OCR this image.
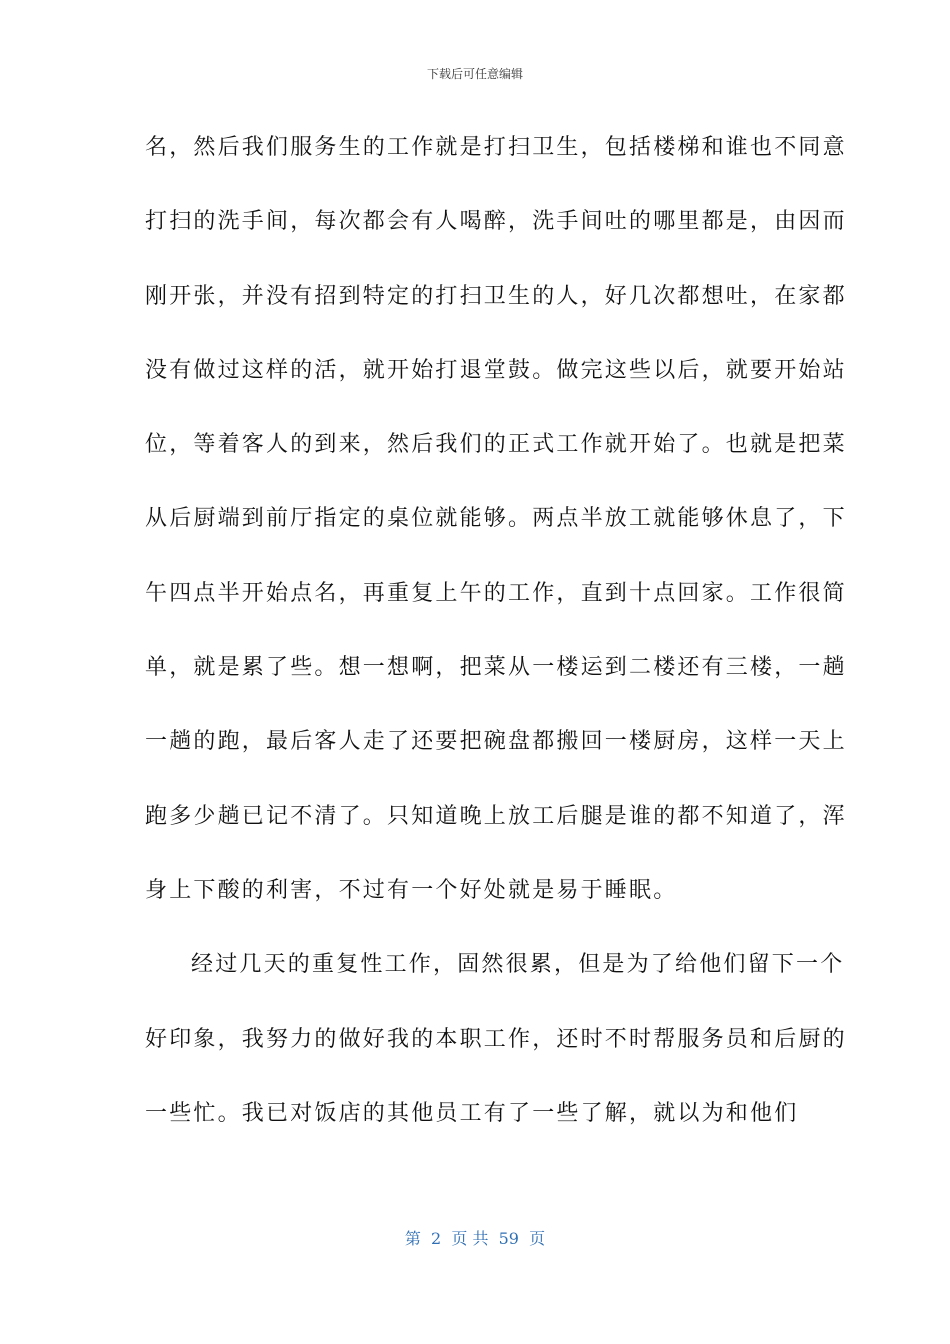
下载后可任意编辑
名，然后我们服务生的工作就是打扫卫生，包括楼梯和谁也不同意
打扫的洗手间，每次都会有人喝醉，洗手间吐的哪里都是，由因而
刚开张，并没有招到特定的打扫卫生的人，好几次都想吐，在家都
没有做过这样的活，就开始打退堂鼓。做完这些以后，就要开始站
位，等着客人的到来，然后我们的正式工作就开始了。也就是把菜
从后厨端到前厅指定的桌位就能够。两点半放工就能够休息了，下
午四点半开始点名，再重复上午的工作，直到十点回家。工作很简
单，就是累了些。想一想啊，把菜从一楼运到二楼还有三楼，一趟
一趟的跑，最后客人走了还要把碗盘都搬回一楼厨房，这样一天上
跑多少趟已记不清了。只知道晚上放工后腿是谁的都不知道了，浑
身上下酸的利害，不过有一个好处就是易于睡眠。
经过几天的重复性工作，固然很累，但是为了给他们留下一个
好印象，我努力的做好我的本职工作，还时不时帮服务员和后厨的
一些忙。我已对饭店的其他员工有了一些了解，就以为和他们
第  2  页 共  59  页
